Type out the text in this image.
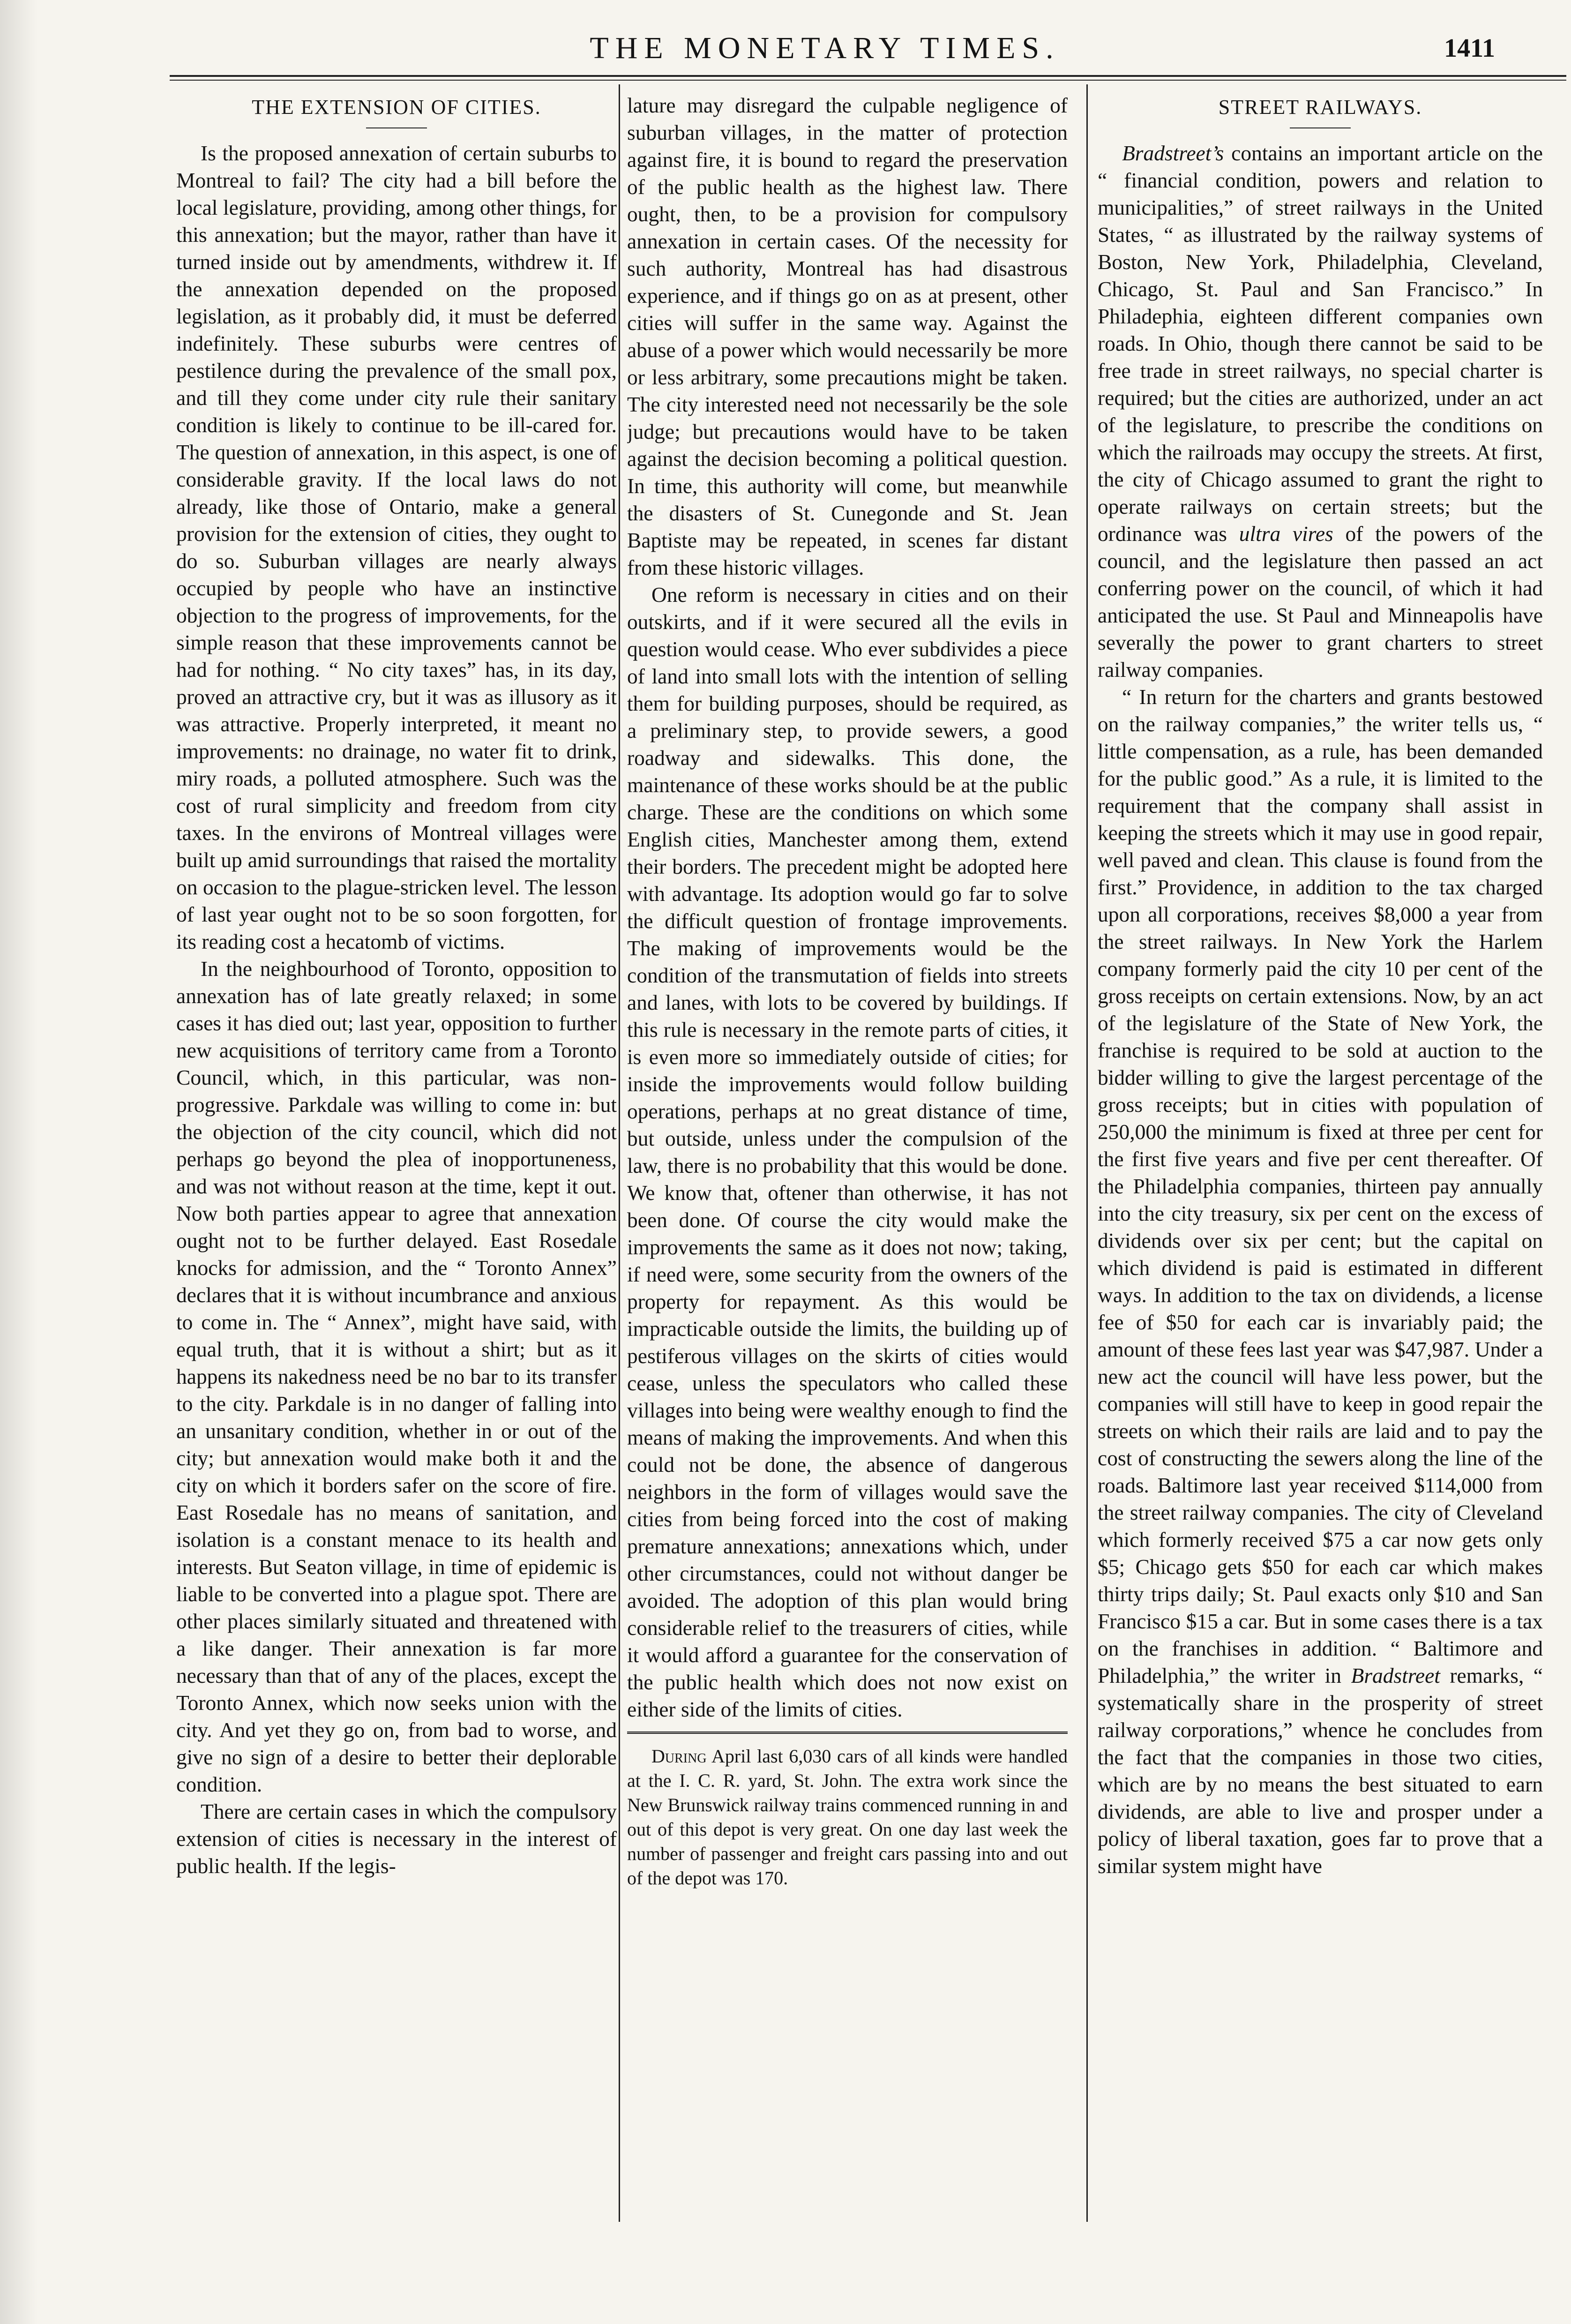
THE MONETARY TIMES.	1411
THE EXTENSION OF CITIES.

Is the proposed annexation of certain suburbs to Montreal to fail? The city had a bill before the local legislature, providing, among other things, for this annexation; but the mayor, rather than have it turned inside out by amendments, withdrew it. If the annexation depended on the proposed legislation, as it probably did, it must be deferred indefinitely. These suburbs were centres of pestilence during the prevalence of the small pox, and till they come under city rule their sanitary condition is likely to continue to be ill-cared for. The question of annexation, in this aspect, is one of considerable gravity. If the local laws do not already, like those of Ontario, make a general provision for the extension of cities, they ought to do so. Suburban villages are nearly always occupied by people who have an instinctive objection to the progress of improvements, for the simple reason that these improvements cannot be had for nothing. “ No city taxes” has, in its day, proved an attractive cry, but it was as illusory as it was attractive. Properly interpreted, it meant no improvements: no drainage, no water fit to drink, miry roads, a polluted atmosphere. Such was the cost of rural simplicity and freedom from city taxes. In the environs of Montreal villages were built up amid surroundings that raised the mortality on occasion to the plague-stricken level. The lesson of last year ought not to be so soon forgotten, for its reading cost a hecatomb of victims.

In the neighbourhood of Toronto, opposition to annexation has of late greatly relaxed; in some cases it has died out; last year, opposition to further new acquisitions of territory came from a Toronto Council, which, in this particular, was non-progressive. Parkdale was willing to come in: but the objection of the city council, which did not perhaps go beyond the plea of inopportuneness, and was not without reason at the time, kept it out. Now both parties appear to agree that annexation ought not to be further delayed. East Rosedale knocks for admission, and the “ Toronto Annex” declares that it is without incumbrance and anxious to come in. The “ Annex”, might have said, with equal truth, that it is without a shirt; but as it happens its nakedness need be no bar to its transfer to the city. Parkdale is in no danger of falling into an unsanitary condition, whether in or out of the city; but annexation would make both it and the city on which it borders safer on the score of fire. East Rosedale has no means of sanitation, and isolation is a constant menace to its health and interests. But Seaton village, in time of epidemic is liable to be converted into a plague spot. There are other places similarly situated and threatened with a like danger. Their annexation is far more necessary than that of any of the places, except the Toronto Annex, which now seeks union with the city. And yet they go on, from bad to worse, and give no sign of a desire to better their deplorable condition.

There are certain cases in which the compulsory extension of cities is necessary in the interest of public health. If the legis-

lature may disregard the culpable negligence of suburban villages, in the matter of protection against fire, it is bound to regard the preservation of the public health as the highest law. There ought, then, to be a provision for compulsory annexation in certain cases. Of the necessity for such authority, Montreal has had disastrous experience, and if things go on as at present, other cities will suffer in the same way. Against the abuse of a power which would necessarily be more or less arbitrary, some precautions might be taken. The city interested need not necessarily be the sole judge; but precautions would have to be taken against the decision becoming a political question. In time, this authority will come, but meanwhile the disasters of St. Cunegonde and St. Jean Baptiste may be repeated, in scenes far distant from these historic villages.

One reform is necessary in cities and on their outskirts, and if it were secured all the evils in question would cease. Who ever subdivides a piece of land into small lots with the intention of selling them for building purposes, should be required, as a preliminary step, to provide sewers, a good roadway and sidewalks. This done, the maintenance of these works should be at the public charge. These are the conditions on which some English cities, Manchester among them, extend their borders. The precedent might be adopted here with advantage. Its adoption would go far to solve the difficult question of frontage improvements. The making of improvements would be the condition of the transmutation of fields into streets and lanes, with lots to be covered by buildings. If this rule is necessary in the remote parts of cities, it is even more so immediately outside of cities; for inside the improvements would follow building operations, perhaps at no great distance of time, but outside, unless under the compulsion of the law, there is no probability that this would be done. We know that, oftener than otherwise, it has not been done. Of course the city would make the improvements the same as it does not now; taking, if need were, some security from the owners of the property for repayment. As this would be impracticable outside the limits, the building up of pestiferous villages on the skirts of cities would cease, unless the speculators who called these villages into being were wealthy enough to find the means of making the improvements. And when this could not be done, the absence of dangerous neighbors in the form of villages would save the cities from being forced into the cost of making premature annexations; annexations which, under other circumstances, could not without danger be avoided. The adoption of this plan would bring considerable relief to the treasurers of cities, while it would afford a guarantee for the conservation of the public health which does not now exist on either side of the limits of cities.

During April last 6,030 cars of all kinds were handled at the I. C. R. yard, St. John. The extra work since the New Brunswick railway trains commenced running in and out of this depot is very great. On one day last week the number of passenger and freight cars passing into and out of the depot was 170.
STREET RAILWAYS.

Bradstreet’s contains an important article on the “ financial condition, powers and relation to municipalities,” of street railways in the United States, “ as illustrated by the railway systems of Boston, New York, Philadelphia, Cleveland, Chicago, St. Paul and San Francisco.” In Philadephia, eighteen different companies own roads. In Ohio, though there cannot be said to be free trade in street railways, no special charter is required; but the cities are authorized, under an act of the legislature, to prescribe the conditions on which the railroads may occupy the streets. At first, the city of Chicago assumed to grant the right to operate railways on certain streets; but the ordinance was ultra vires of the powers of the council, and the legislature then passed an act conferring power on the council, of which it had anticipated the use. St Paul and Minneapolis have severally the power to grant charters to street railway companies.

“ In return for the charters and grants bestowed on the railway companies,” the writer tells us, “ little compensation, as a rule, has been demanded for the public good.” As a rule, it is limited to the requirement that the company shall assist in keeping the streets which it may use in good repair, well paved and clean. This clause is found from the first.” Providence, in addition to the tax charged upon all corporations, receives $8,000 a year from the street railways. In New York the Harlem company formerly paid the city 10 per cent of the gross receipts on certain extensions. Now, by an act of the legislature of the State of New York, the franchise is required to be sold at auction to the bidder willing to give the largest percentage of the gross receipts; but in cities with population of 250,000 the minimum is fixed at three per cent for the first five years and five per cent thereafter. Of the Philadelphia companies, thirteen pay annually into the city treasury, six per cent on the excess of dividends over six per cent; but the capital on which dividend is paid is estimated in different ways. In addition to the tax on dividends, a license fee of $50 for each car is invariably paid; the amount of these fees last year was $47,987. Under a new act the council will have less power, but the companies will still have to keep in good repair the streets on which their rails are laid and to pay the cost of constructing the sewers along the line of the roads. Baltimore last year received $114,000 from the street railway companies. The city of Cleveland which formerly received $75 a car now gets only $5; Chicago gets $50 for each car which makes thirty trips daily; St. Paul exacts only $10 and San Francisco $15 a car. But in some cases there is a tax on the franchises in addition. “ Baltimore and Philadelphia,” the writer in Bradstreet remarks, “ systematically share in the prosperity of street railway corporations,” whence he concludes from the fact that the companies in those two cities, which are by no means the best situated to earn dividends, are able to live and prosper under a policy of liberal taxation, goes far to prove that a similar system might have
